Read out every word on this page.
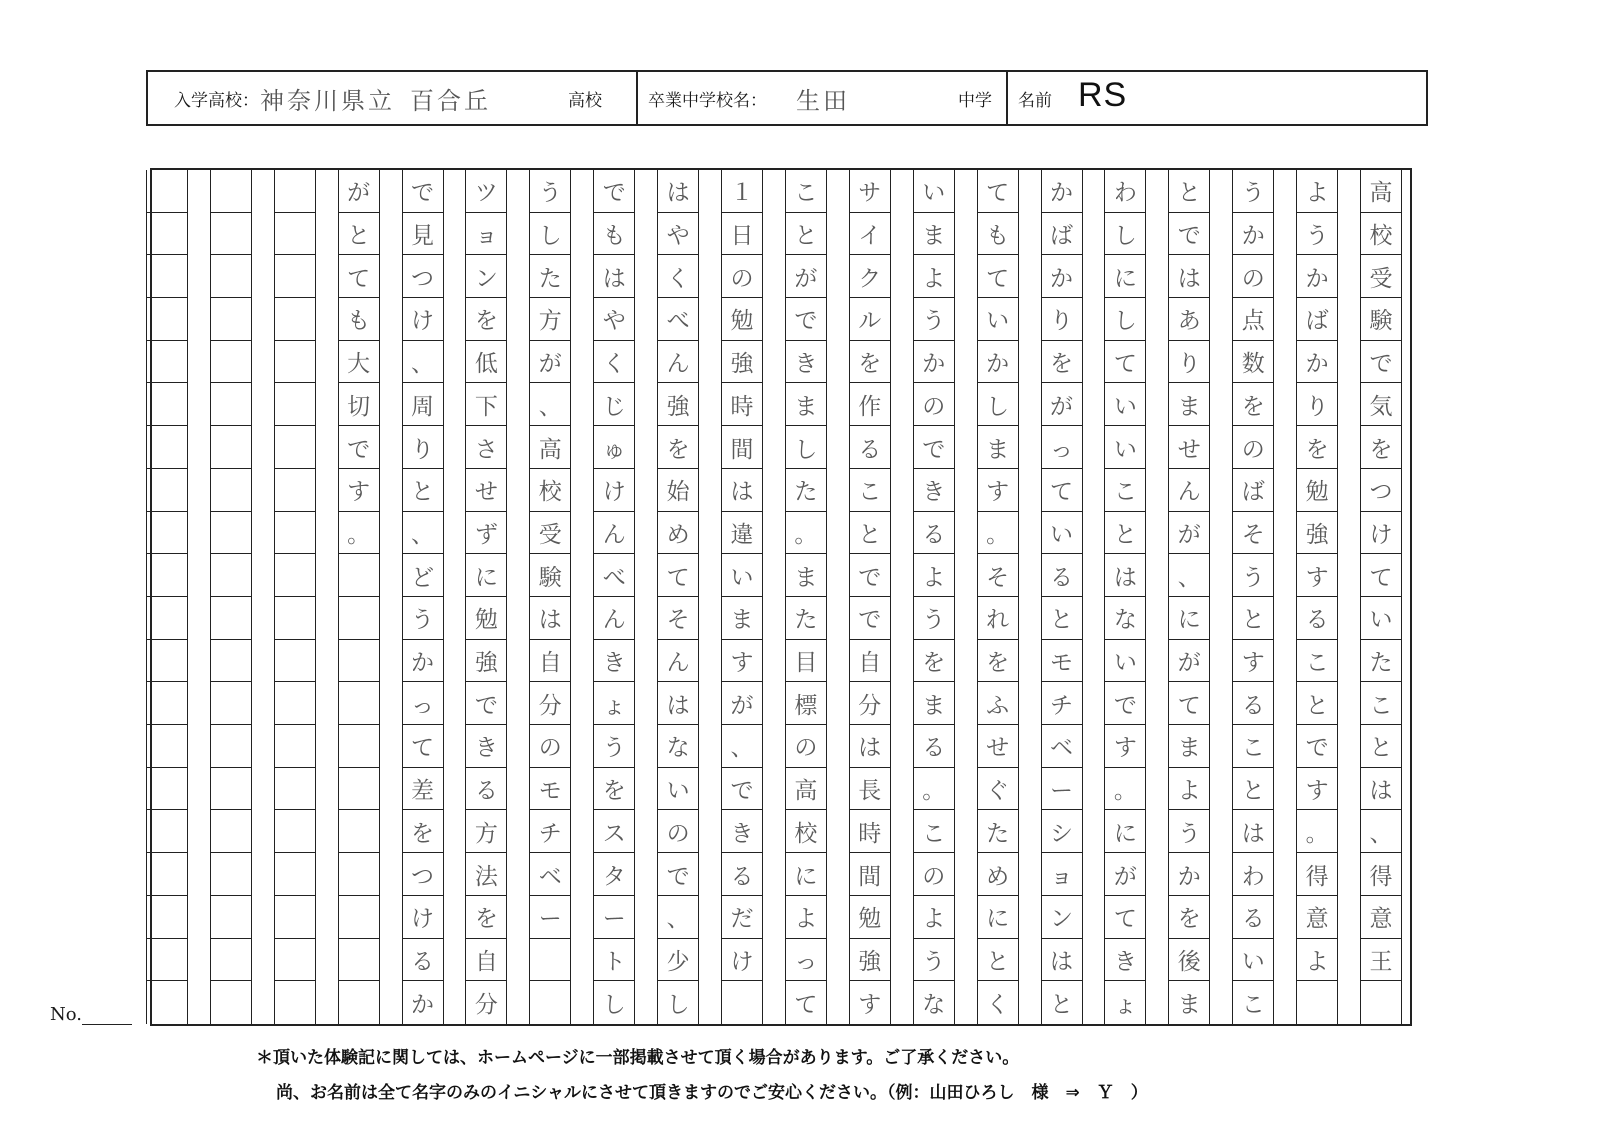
入学高校： 神奈川県立 百合丘	高校	卒業中学校名： 生田	中学 名前 RS
高
校
受
験
で
気
を
つ
け
て
い
た
こ
と
は
、
得
意
王
よ
う
か
ば
か
り
を
勉
強
す
る
こ
と
で
す
。
得
意
よ
う
か
の
点
数
を
の
ば
そ
う
と
す
る
こ
と
は
わ
る
い
こ
と
で
は
あ
り
ま
せ
ん
が
、
に
が
て
ま
よ
う
か
を
後
ま
わ
し
に
し
て
い
い
こ
と
は
な
い
で
す
。
に
が
て
き
ょ
か
ば
か
り
を
が
っ
て
い
る
と
モ
チ
ベ
ー
シ
ョ
ン
は
と
て
も
て
い
か
し
ま
す
。
そ
れ
を
ふ
せ
ぐ
た
め
に
と
く
い
ま
よ
う
か
の
で
き
る
よ
う
を
ま
る
。
こ
の
よ
う
な
サ
イ
ク
ル
を
作
る
こ
と
で
で
自
分
は
長
時
間
勉
強
す
こ
と
が
で
き
ま
し
た
。
ま
た
目
標
の
高
校
に
よ
っ
て
１
日
の
勉
強
時
間
は
違
い
ま
す
が
、
で
き
る
だ
け
は
や
く
べ
ん
強
を
始
め
て
そ
ん
は
な
い
の
で
、
少
し
で
も
は
や
く
じ
ゅ
け
ん
べ
ん
き
ょ
う
を
ス
タ
ー
ト
し
う
し
た
方
が
、
高
校
受
験
は
自
分
の
モ
チ
ベ
ー
ツ
ョ
ン
を
低
下
さ
せ
ず
に
勉
強
で
き
る
方
法
を
自
分
で
見
つ
け
、
周
り
と
、
ど
う
か
っ
て
差
を
つ
け
る
か
が
と
て
も
大
切
で
す
。
No.
＊頂いた体験記に関しては、ホームページに一部掲載させて頂く場合があります。ご了承ください。
尚、お名前は全て名字のみのイニシャルにさせて頂きますのでご安心ください。（例：山田ひろし　様　⇒　Ｙ　）
